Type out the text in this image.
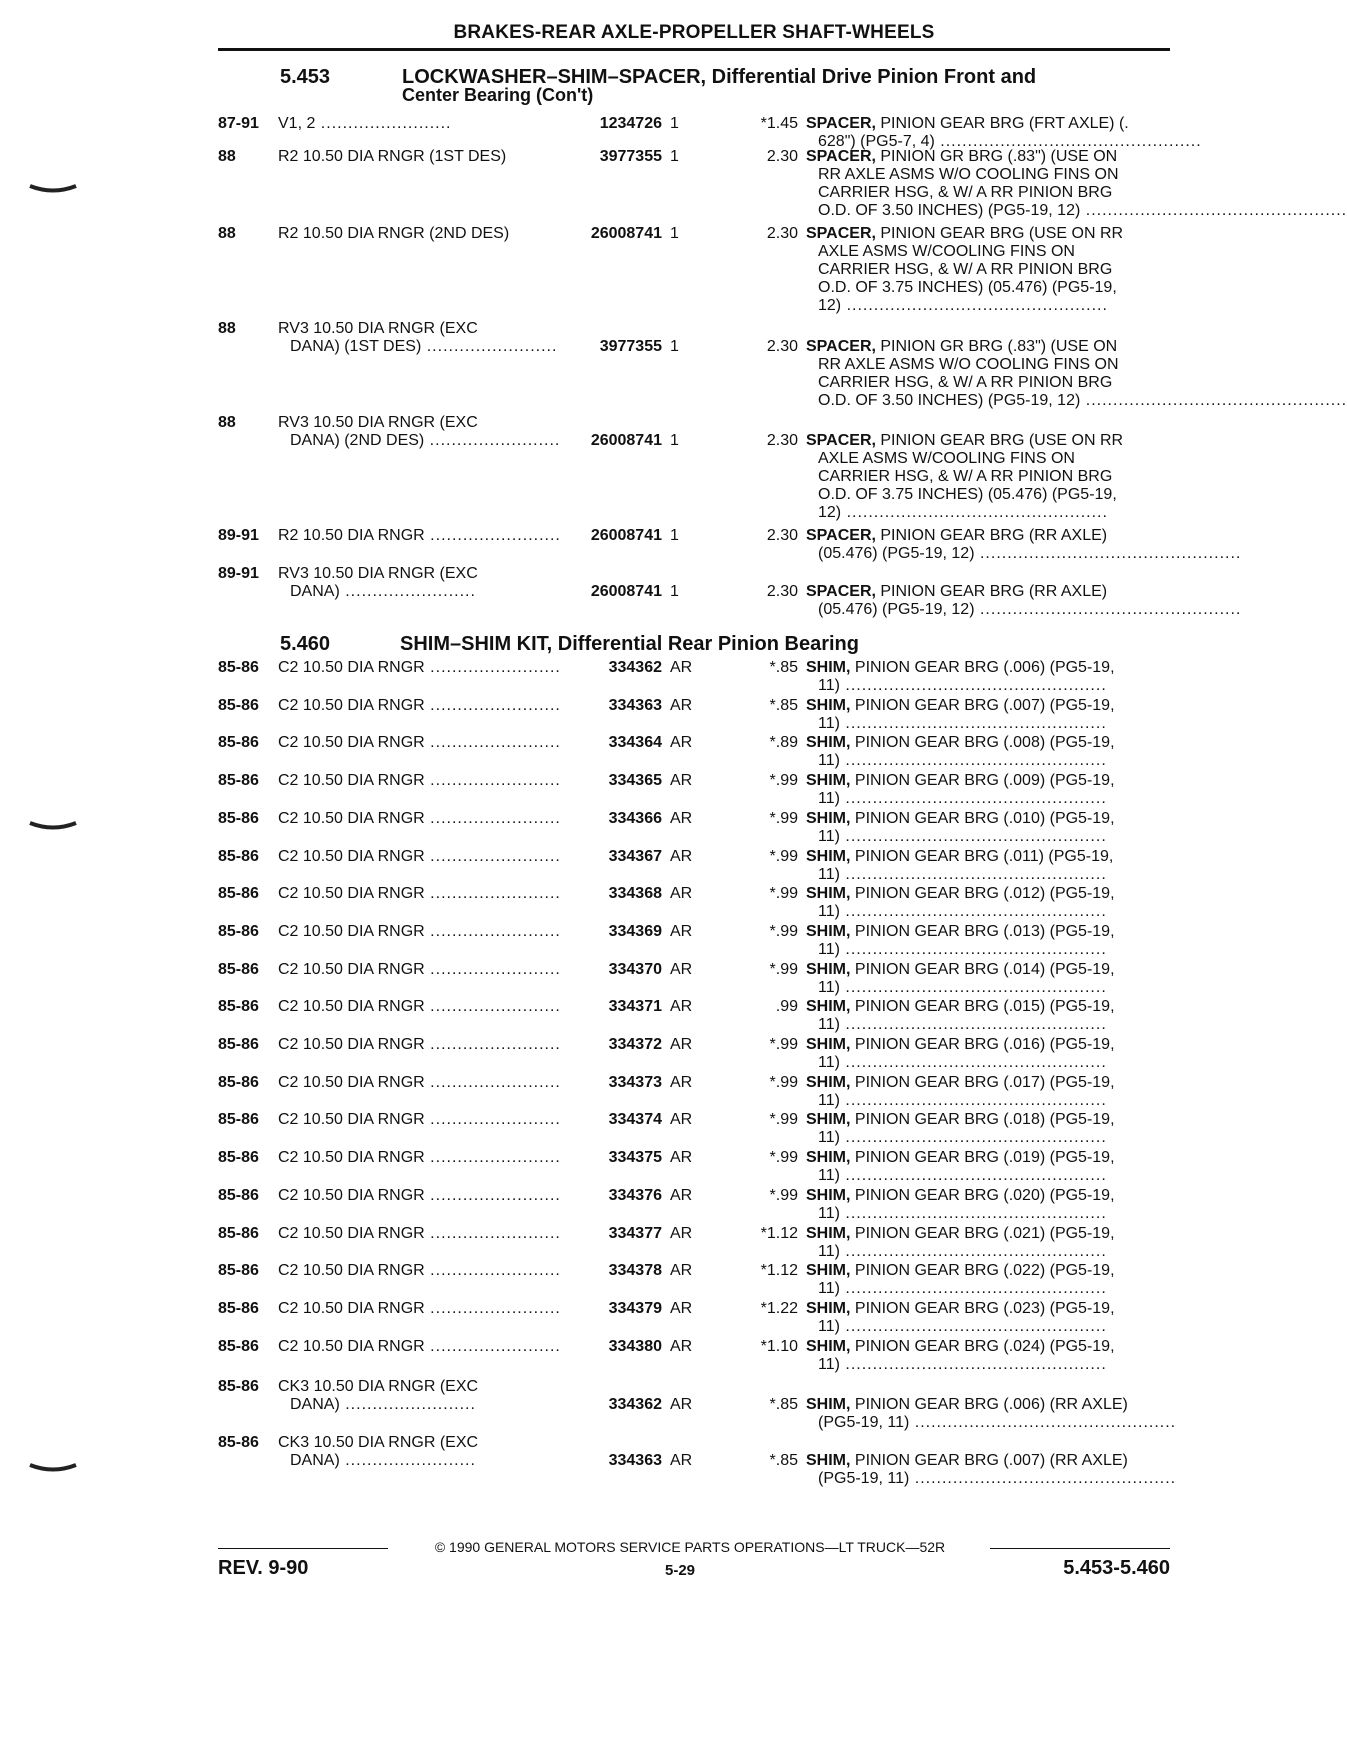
BRAKES-REAR AXLE-PROPELLER SHAFT-WHEELS
5.453	LOCKWASHER–SHIM–SPACER, Differential Drive Pinion Front and
Center Bearing (Con't)
87-91 V1, 2 ........................	1234726 1	*1.45 SPACER, PINION GEAR BRG (FRT AXLE) (.
628") (PG5-7, 4) ................................................
88	R2 10.50 DIA RNGR (1ST DES)	3977355 1	2.30 SPACER, PINION GR BRG (.83") (USE ON
RR AXLE ASMS W/O COOLING FINS ON
CARRIER HSG, & W/ A RR PINION BRG
O.D. OF 3.50 INCHES) (PG5-19, 12) ................................................
88	R2 10.50 DIA RNGR (2ND DES)	26008741 1	2.30 SPACER, PINION GEAR BRG (USE ON RR
AXLE ASMS W/COOLING FINS ON
CARRIER HSG, & W/ A RR PINION BRG
O.D. OF 3.75 INCHES) (05.476) (PG5-19,
12) ................................................
88	RV3 10.50 DIA RNGR (EXC
DANA) (1ST DES) ........................	3977355 1	2.30 SPACER, PINION GR BRG (.83") (USE ON
RR AXLE ASMS W/O COOLING FINS ON
CARRIER HSG, & W/ A RR PINION BRG
O.D. OF 3.50 INCHES) (PG5-19, 12) ................................................
88	RV3 10.50 DIA RNGR (EXC
DANA) (2ND DES) ........................	26008741 1	2.30 SPACER, PINION GEAR BRG (USE ON RR
AXLE ASMS W/COOLING FINS ON
CARRIER HSG, & W/ A RR PINION BRG
O.D. OF 3.75 INCHES) (05.476) (PG5-19,
12) ................................................
89-91 R2 10.50 DIA RNGR ........................	26008741 1	2.30 SPACER, PINION GEAR BRG (RR AXLE)
(05.476) (PG5-19, 12) ................................................
89-91 RV3 10.50 DIA RNGR (EXC
DANA) ........................	26008741 1	2.30 SPACER, PINION GEAR BRG (RR AXLE)
(05.476) (PG5-19, 12) ................................................
5.460	SHIM–SHIM KIT, Differential Rear Pinion Bearing
85-86 C2 10.50 DIA RNGR ........................	334362 AR	*.85 SHIM, PINION GEAR BRG (.006) (PG5-19,
11) ................................................
85-86 C2 10.50 DIA RNGR ........................	334363 AR	*.85 SHIM, PINION GEAR BRG (.007) (PG5-19,
11) ................................................
85-86 C2 10.50 DIA RNGR ........................	334364 AR	*.89 SHIM, PINION GEAR BRG (.008) (PG5-19,
11) ................................................
85-86 C2 10.50 DIA RNGR ........................	334365 AR	*.99 SHIM, PINION GEAR BRG (.009) (PG5-19,
11) ................................................
85-86 C2 10.50 DIA RNGR ........................	334366 AR	*.99 SHIM, PINION GEAR BRG (.010) (PG5-19,
11) ................................................
85-86 C2 10.50 DIA RNGR ........................	334367 AR	*.99 SHIM, PINION GEAR BRG (.011) (PG5-19,
11) ................................................
85-86 C2 10.50 DIA RNGR ........................	334368 AR	*.99 SHIM, PINION GEAR BRG (.012) (PG5-19,
11) ................................................
85-86 C2 10.50 DIA RNGR ........................	334369 AR	*.99 SHIM, PINION GEAR BRG (.013) (PG5-19,
11) ................................................
85-86 C2 10.50 DIA RNGR ........................	334370 AR	*.99 SHIM, PINION GEAR BRG (.014) (PG5-19,
11) ................................................
85-86 C2 10.50 DIA RNGR ........................	334371 AR	.99 SHIM, PINION GEAR BRG (.015) (PG5-19,
11) ................................................
85-86 C2 10.50 DIA RNGR ........................	334372 AR	*.99 SHIM, PINION GEAR BRG (.016) (PG5-19,
11) ................................................
85-86 C2 10.50 DIA RNGR ........................	334373 AR	*.99 SHIM, PINION GEAR BRG (.017) (PG5-19,
11) ................................................
85-86 C2 10.50 DIA RNGR ........................	334374 AR	*.99 SHIM, PINION GEAR BRG (.018) (PG5-19,
11) ................................................
85-86 C2 10.50 DIA RNGR ........................	334375 AR	*.99 SHIM, PINION GEAR BRG (.019) (PG5-19,
11) ................................................
85-86 C2 10.50 DIA RNGR ........................	334376 AR	*.99 SHIM, PINION GEAR BRG (.020) (PG5-19,
11) ................................................
85-86 C2 10.50 DIA RNGR ........................	334377 AR	*1.12 SHIM, PINION GEAR BRG (.021) (PG5-19,
11) ................................................
85-86 C2 10.50 DIA RNGR ........................	334378 AR	*1.12 SHIM, PINION GEAR BRG (.022) (PG5-19,
11) ................................................
85-86 C2 10.50 DIA RNGR ........................	334379 AR	*1.22 SHIM, PINION GEAR BRG (.023) (PG5-19,
11) ................................................
85-86 C2 10.50 DIA RNGR ........................	334380 AR	*1.10 SHIM, PINION GEAR BRG (.024) (PG5-19,
11) ................................................
85-86 CK3 10.50 DIA RNGR (EXC
DANA) ........................	334362 AR	*.85 SHIM, PINION GEAR BRG (.006) (RR AXLE)
(PG5-19, 11) ................................................
85-86 CK3 10.50 DIA RNGR (EXC
DANA) ........................	334363 AR	*.85 SHIM, PINION GEAR BRG (.007) (RR AXLE)
(PG5-19, 11) ................................................
© 1990 GENERAL MOTORS SERVICE PARTS OPERATIONS—LT TRUCK—52R
REV. 9-90	5-29	5.453-5.460
